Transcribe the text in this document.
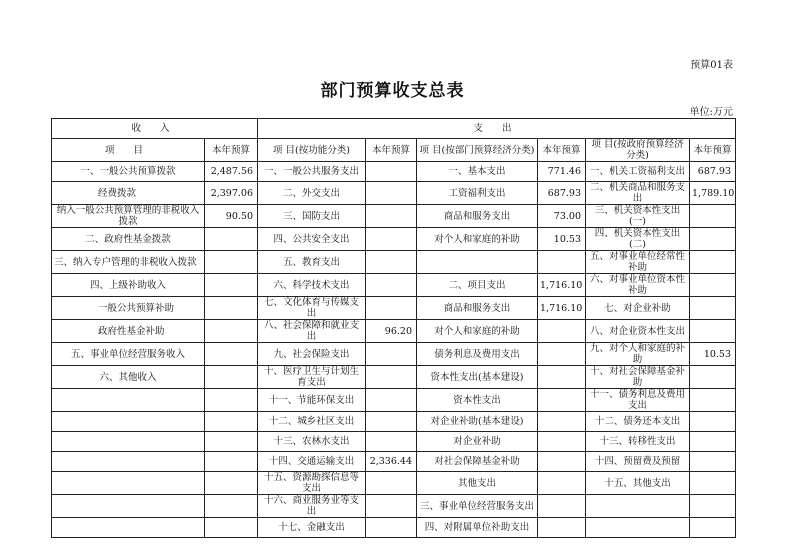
预算01表
部门预算收支总表
单位:万元
收 入		支 出					
项 目	本年预算	项 目(按功能分类)	本年预算	项 目(按部门预算经济分类)	本年预算	项 目(按政府预算经济分类)	本年预算
一、一般公共预算拨款	2,487.56	一、一般公共服务支出		一、基本支出	771.46	一、机关工资福利支出	687.93
经费拨款	2,397.06	二、外交支出		工资福利支出	687.93	二、机关商品和服务支出	1,789.10
纳入一般公共预算管理的非税收入拨款	90.50	三、国防支出		商品和服务支出	73.00	三、机关资本性支出(一)	
二、政府性基金拨款		四、公共安全支出		对个人和家庭的补助	10.53	四、机关资本性支出(二)	
三、纳入专户管理的非税收入拨款		五、教育支出				五、对事业单位经常性补助	
四、上级补助收入		六、科学技术支出		二、项目支出	1,716.10	六、对事业单位资本性补助	
一般公共预算补助		七、文化体育与传媒支出		商品和服务支出	1,716.10	七、对企业补助	
政府性基金补助		八、社会保障和就业支出	96.20	对个人和家庭的补助		八、对企业资本性支出	
五、事业单位经营服务收入		九、社会保险支出		债务利息及费用支出		九、对个人和家庭的补助	10.53
六、其他收入		十、医疗卫生与计划生育支出		资本性支出(基本建设)		十、对社会保障基金补助	
		十一、节能环保支出		资本性支出		十一、债务利息及费用支出	
		十二、城乡社区支出		对企业补助(基本建设)		十二、债务还本支出	
		十三、农林水支出		对企业补助		十三、转移性支出	
		十四、交通运输支出	2,336.44	对社会保障基金补助		十四、预留费及预留	
		十五、资源勘探信息等支出		其他支出		十五、其他支出	
		十六、商业服务业等支出		三、事业单位经营服务支出			
		十七、金融支出		四、对附属单位补助支出			
